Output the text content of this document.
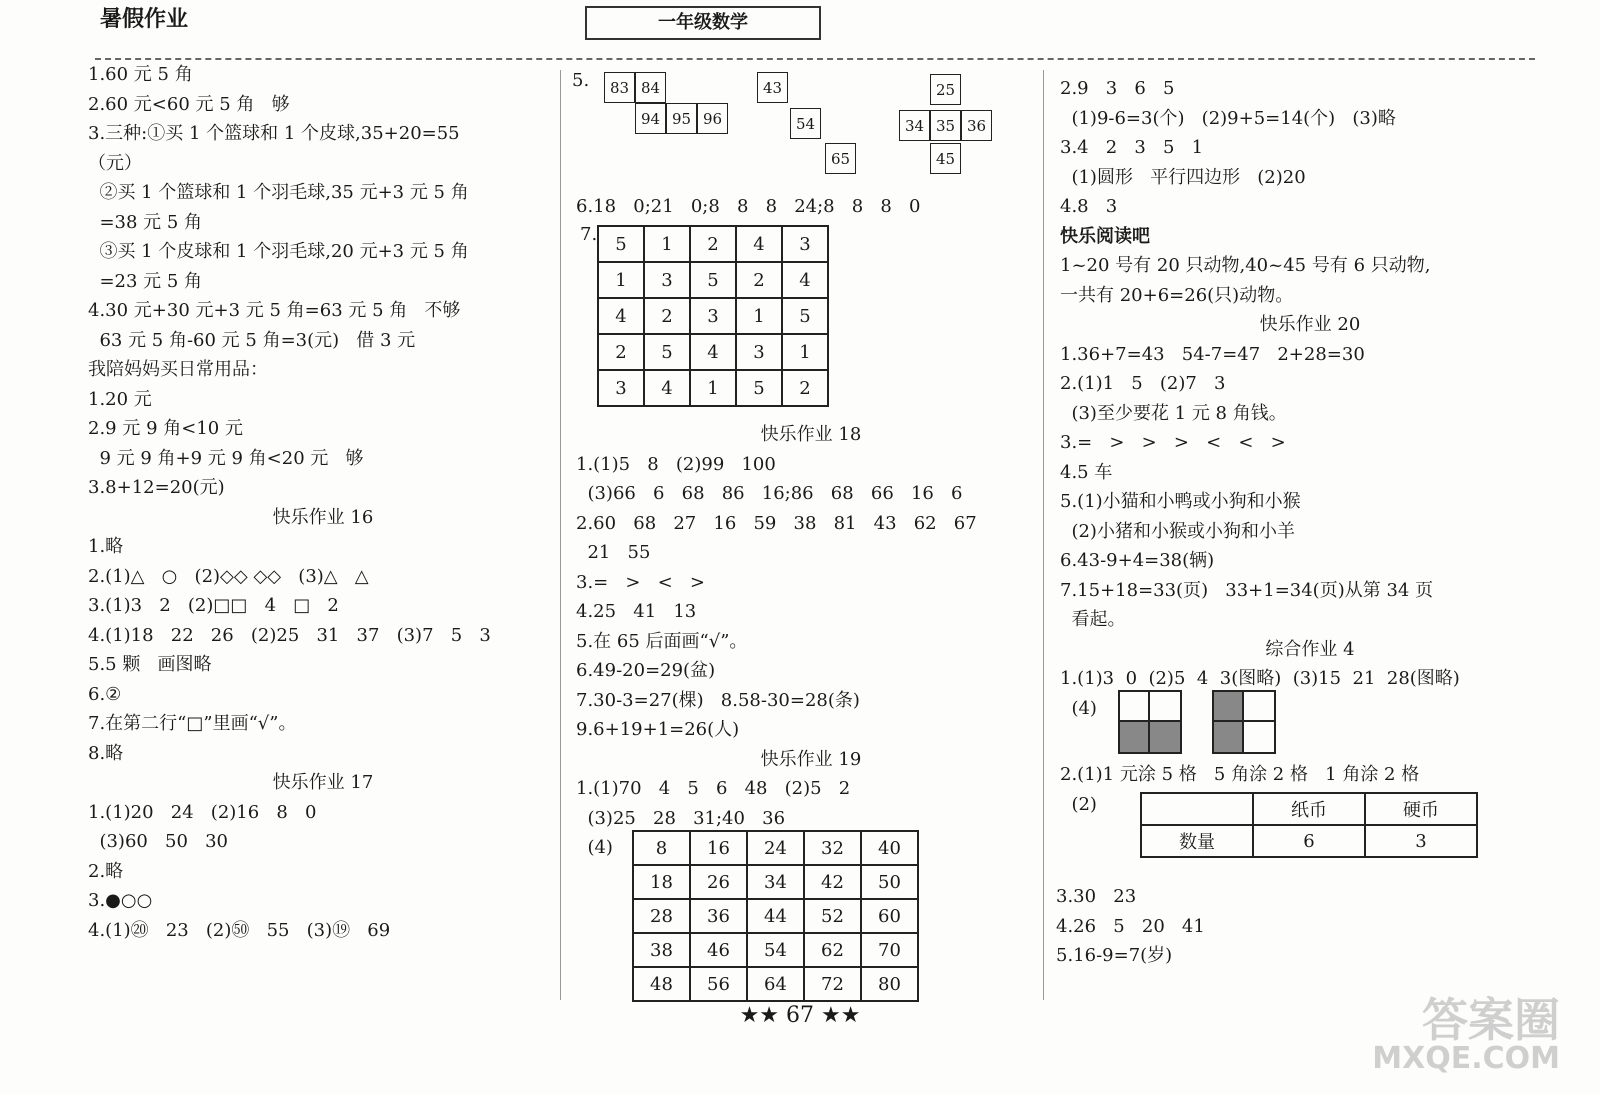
暑假作业	一年级数学
1.60 元 5 角
2.60 元<60 元 5 角   够
3.三种:①买 1 个篮球和 1 个皮球,35+20=55
（元）
②买 1 个篮球和 1 个羽毛球,35 元+3 元 5 角
=38 元 5 角
③买 1 个皮球和 1 个羽毛球,20 元+3 元 5 角
=23 元 5 角
4.30 元+30 元+3 元 5 角=63 元 5 角   不够
63 元 5 角-60 元 5 角=3(元)   借 3 元
我陪妈妈买日常用品：
1.20 元
2.9 元 9 角<10 元
9 元 9 角+9 元 9 角<20 元   够
3.8+12=20(元)
快乐作业 16
1.略
2.(1)△   ○   (2)◇◇ ◇◇   (3)△   △
3.(1)3   2   (2)□□   4   □   2
4.(1)18   22   26   (2)25   31   37   (3)7   5   3
5.5 颗   画图略
6.②
7.在第二行“□”里画“√”。
8.略
快乐作业 17
1.(1)20   24   (2)16   8   0
(3)60   50   30
2.略
3.●○○
4.(1)⑳   23   (2)㊿   55   (3)⑲   69
5.	83 84
94 95 96
43
54
65
25
34 35 36
45
6.18   0;21   0;8   8   8   24;8   8   8   0
7. 5	1	2	4	3
1	3	5	2	4
4	2	3	1	5
2	5	4	3	1
3	4	1	5	2
快乐作业 18
1.(1)5   8   (2)99   100
(3)66   6   68   86   16;86   68   66   16   6
2.60   68   27   16   59   38   81   43   62   67
21   55
3.=   >   <   >
4.25   41   13
5.在 65 后面画“√”。
6.49-20=29(盆)
7.30-3=27(棵)   8.58-30=28(条)
9.6+19+1=26(人)
快乐作业 19
1.(1)70   4   5   6   48   (2)5   2
(3)25   28   31;40   36
(4)	8	16	24	32	40
18	26	34	42	50
28	36	44	52	60
38	46	54	62	70
48	56	64	72	80
2.9   3   6   5
(1)9-6=3(个)   (2)9+5=14(个)   (3)略
3.4   2   3   5   1
(1)圆形   平行四边形   (2)20
4.8   3
快乐阅读吧
1~20 号有 20 只动物,40~45 号有 6 只动物,
一共有 20+6=26(只)动物。
快乐作业 20
1.36+7=43   54-7=47   2+28=30
2.(1)1   5   (2)7   3
(3)至少要花 1 元 8 角钱。
3.=   >   >   >   <   <   >
4.5 车
5.(1)小猫和小鸭或小狗和小猴
(2)小猪和小猴或小狗和小羊
6.43-9+4=38(辆)
7.15+18=33(页)   33+1=34(页)从第 34 页
看起。
综合作业 4
1.(1)3  0  (2)5  4  3(图略)  (3)15  21  28(图略)
(4)
2.(1)1 元涂 5 格   5 角涂 2 格   1 角涂 2 格
(2)
		纸币	硬币
数量	6	3
3.30   23
4.26   5   20   41
5.16-9=7(岁)
★★ 67 ★★	答案圈
MXQE.COM
